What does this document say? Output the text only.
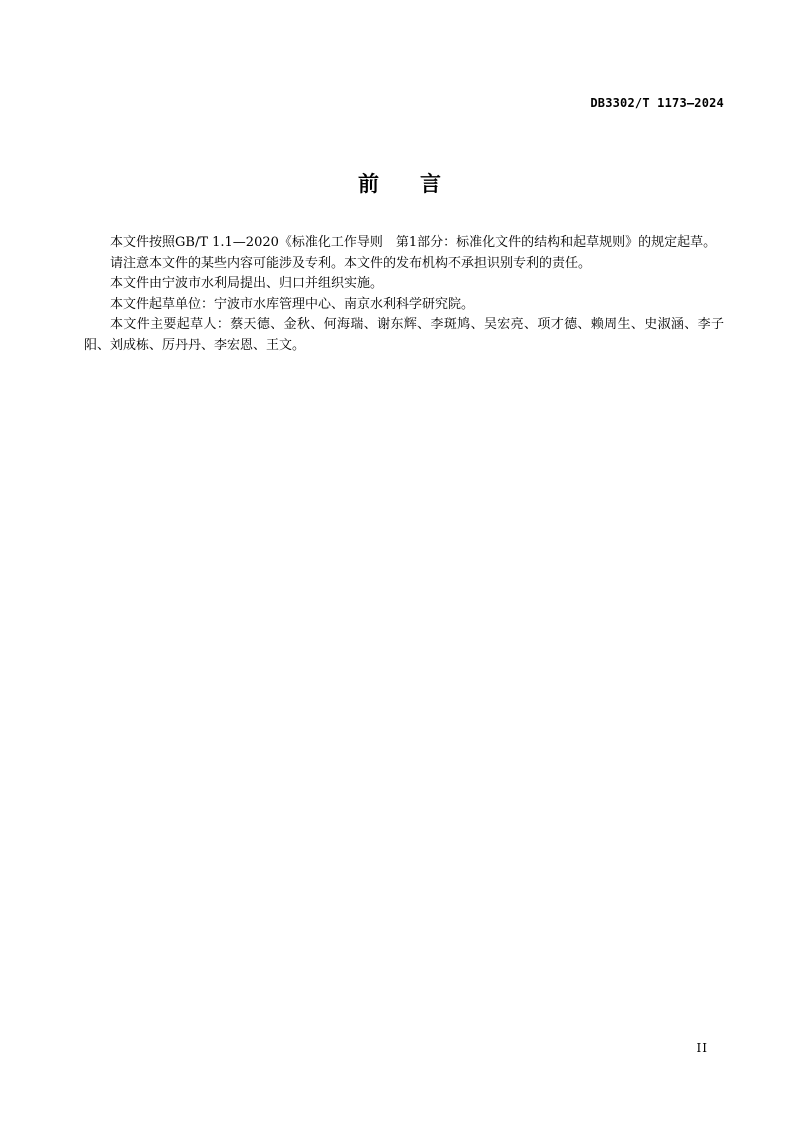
DB3302/T 1173—2024
前 言

本文件按照GB/T 1.1—2020《标准化工作导则　第1部分：标准化文件的结构和起草规则》的规定起草。

请注意本文件的某些内容可能涉及专利。本文件的发布机构不承担识别专利的责任。

本文件由宁波市水利局提出、归口并组织实施。

本文件起草单位：宁波市水库管理中心、南京水利科学研究院。

本文件主要起草人：蔡天德、金秋、何海瑞、谢东辉、李斑鸠、吴宏亮、项才德、赖周生、史淑涵、李子阳、刘成栋、厉丹丹、李宏恩、王文。

II
